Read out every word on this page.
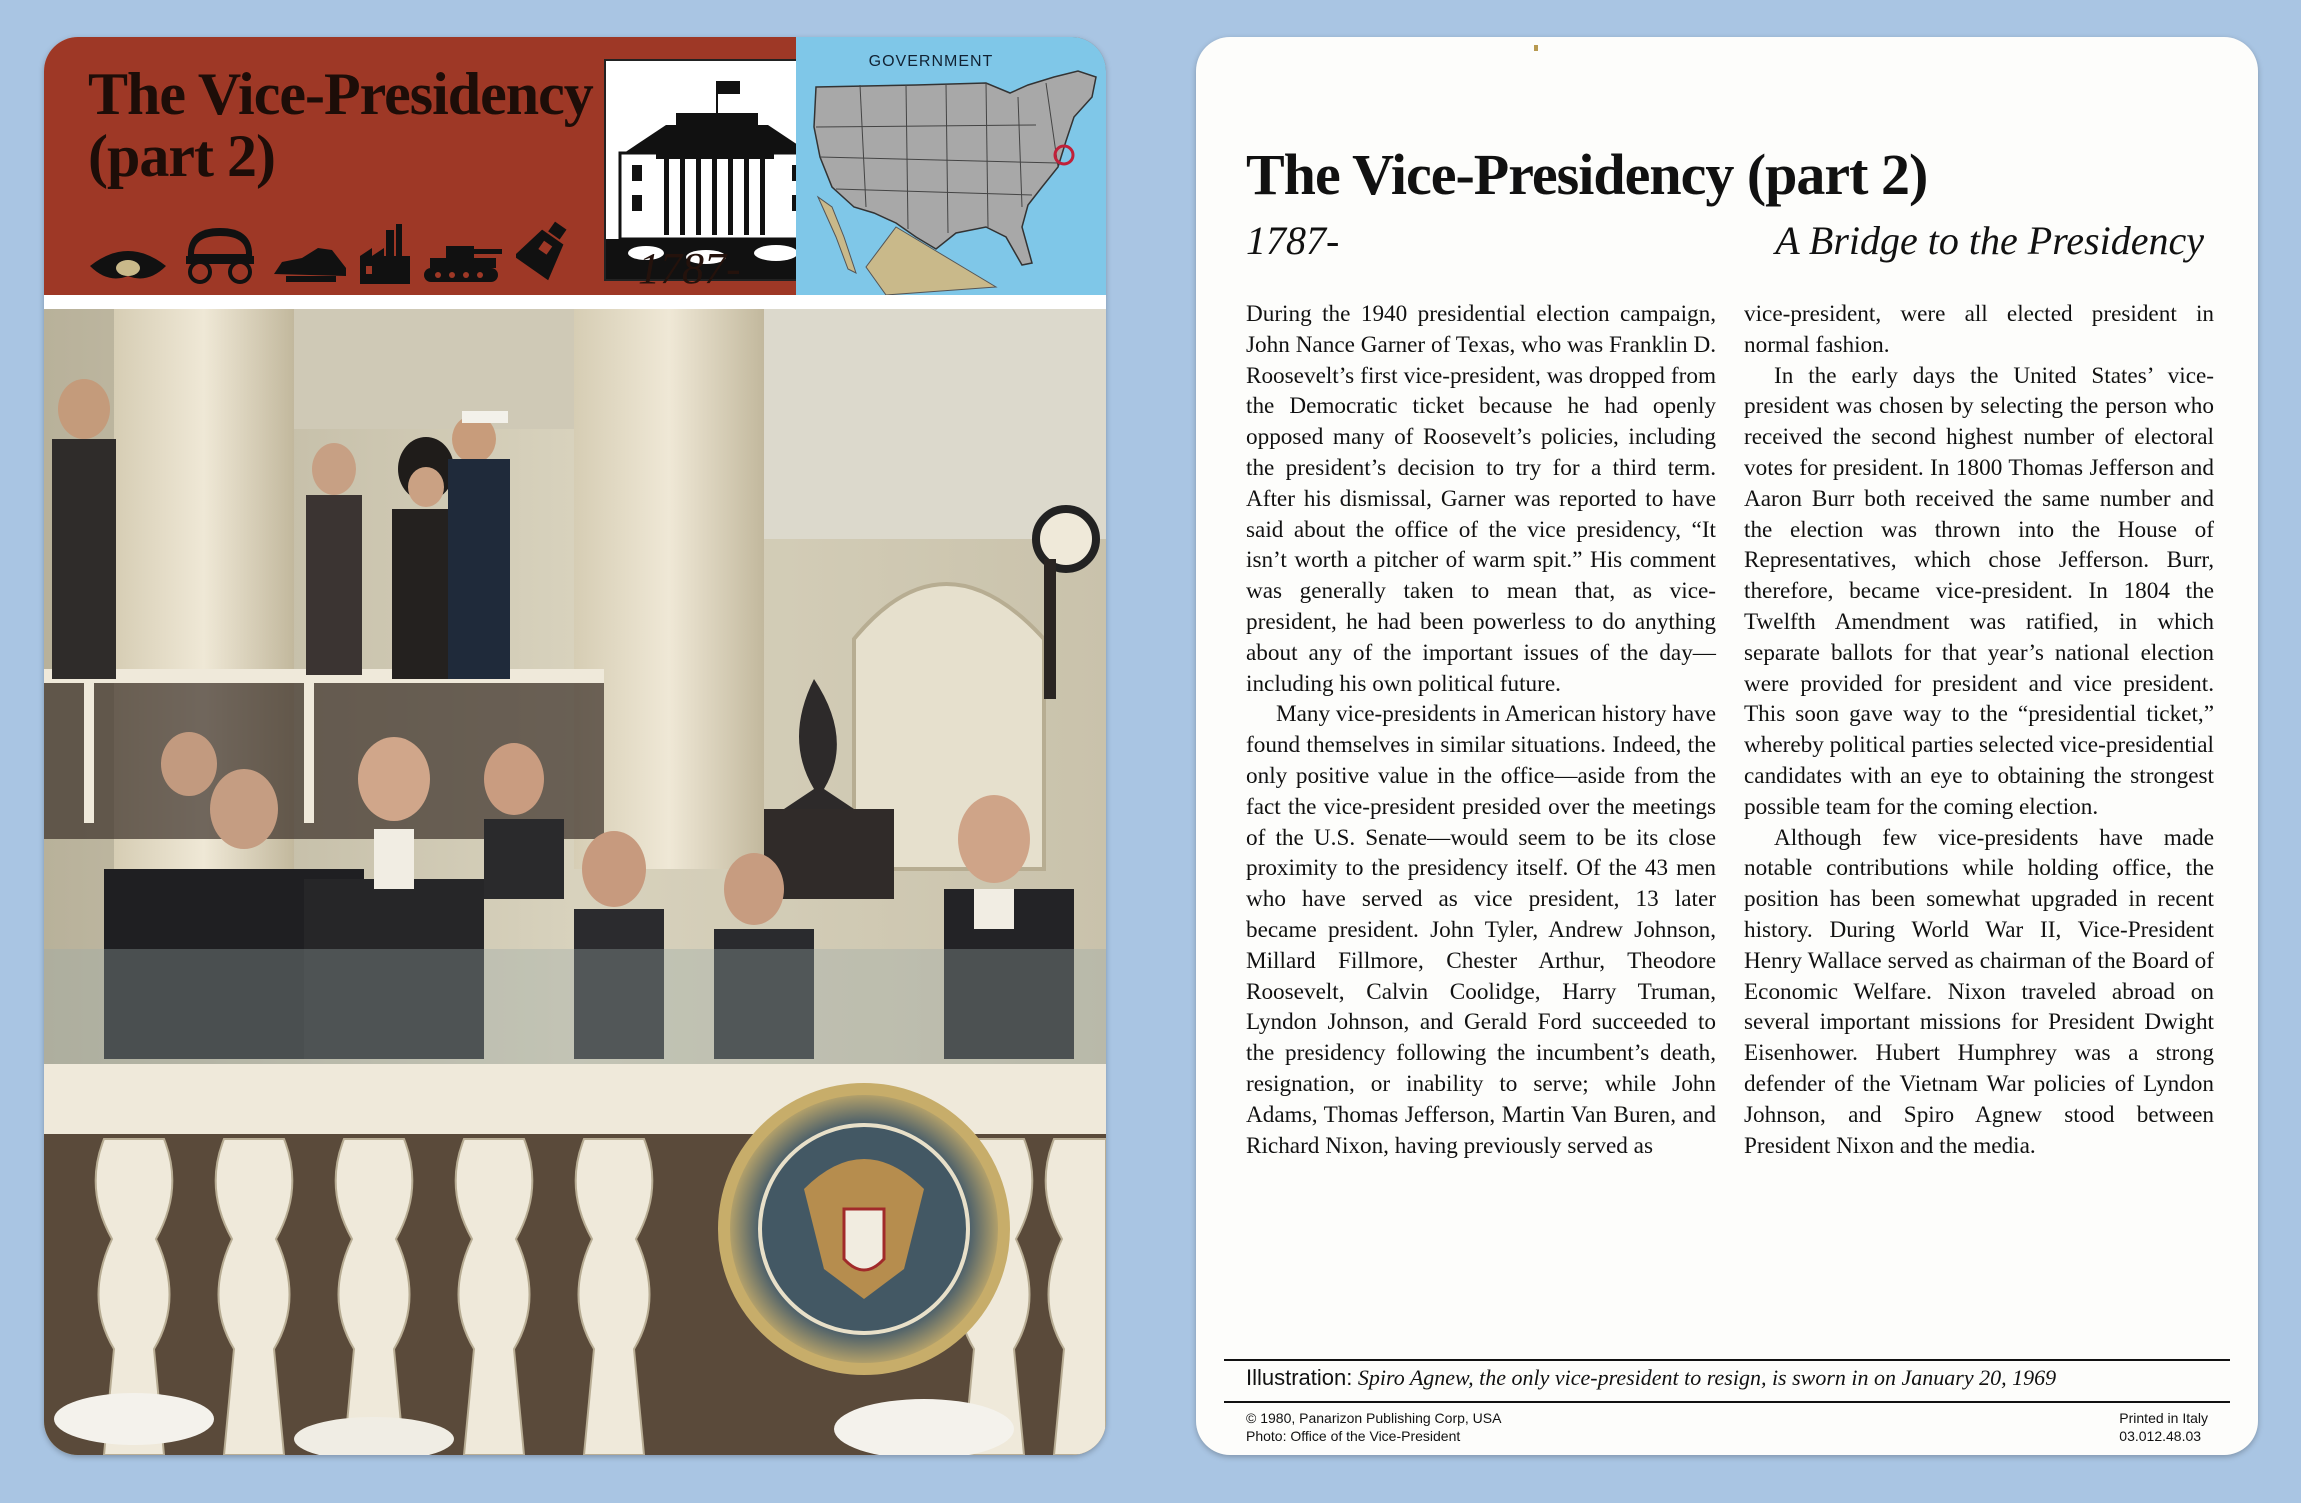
The Vice-Presidency
(part 2)
GOVERNMENT
1787-
The Vice-Presidency (part 2)
1787-	A Bridge to the Presidency

During the 1940 presidential election campaign, John Nance Garner of Texas, who was Franklin D. Roosevelt’s first vice-president, was dropped from the Democratic ticket because he had openly opposed many of Roosevelt’s policies, including the president’s decision to try for a third term. After his dismissal, Garner was reported to have said about the office of the vice presidency, “It isn’t worth a pitcher of warm spit.” His comment was generally taken to mean that, as vice-president, he had been powerless to do anything about any of the important issues of the day—including his own political future.

Many vice-presidents in American history have found themselves in similar situations. Indeed, the only positive value in the office—aside from the fact the vice-president presided over the meetings of the U.S. Senate—would seem to be its close proximity to the presidency itself. Of the 43 men who have served as vice president, 13 later became president. John Tyler, Andrew Johnson, Millard Fillmore, Chester Arthur, Theodore Roosevelt, Calvin Coolidge, Harry Truman, Lyndon Johnson, and Gerald Ford succeeded to the presidency following the incumbent’s death, resignation, or inability to serve; while John Adams, Thomas Jefferson, Martin Van Buren, and Richard Nixon, having previously served as

vice-president, were all elected president in normal fashion.

In the early days the United States’ vice-president was chosen by selecting the person who received the second highest number of electoral votes for president. In 1800 Thomas Jefferson and Aaron Burr both received the same number and the election was thrown into the House of Representatives, which chose Jefferson. Burr, therefore, became vice-president. In 1804 the Twelfth Amendment was ratified, in which separate ballots for that year’s national election were provided for president and vice president. This soon gave way to the “presidential ticket,” whereby political parties selected vice-presidential candidates with an eye to obtaining the strongest possible team for the coming election.

Although few vice-presidents have made notable contributions while holding office, the position has been somewhat upgraded in recent history. During World War II, Vice-President Henry Wallace served as chairman of the Board of Economic Welfare. Nixon traveled abroad on several important missions for President Dwight Eisenhower. Hubert Humphrey was a strong defender of the Vietnam War policies of Lyndon Johnson, and Spiro Agnew stood between President Nixon and the media.

Illustration: Spiro Agnew, the only vice-president to resign, is sworn in on January 20, 1969
© 1980, Panarizon Publishing Corp, USA
Photo: Office of the Vice-President
Printed in Italy
03.012.48.03
